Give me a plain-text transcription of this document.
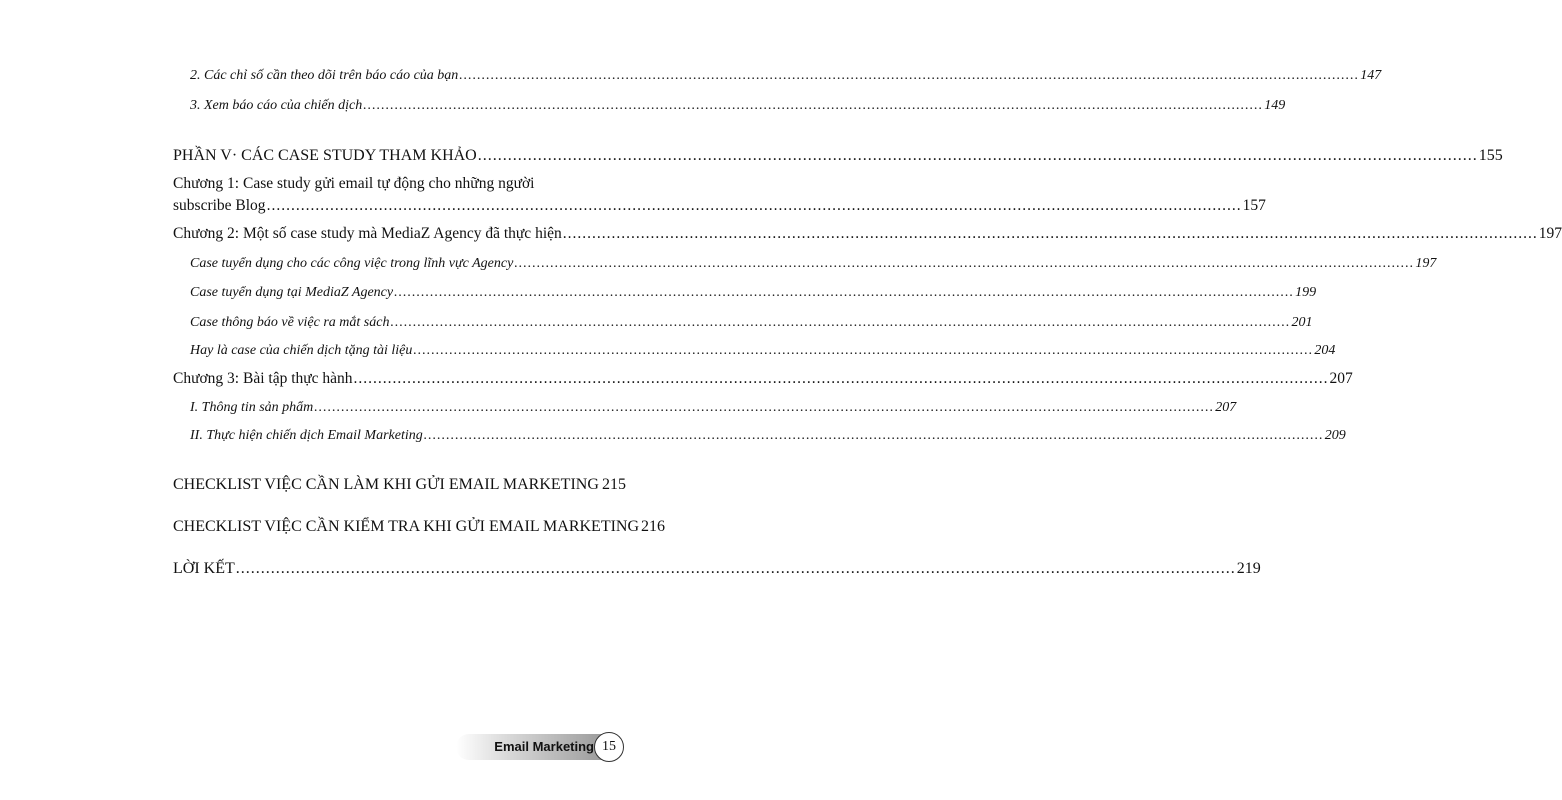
2. Các chỉ số cần theo dõi trên báo cáo của bạn ........................................................................................................................................................................................................ 147
3. Xem báo cáo của chiến dịch ........................................................................................................................................................................................................ 149
PHẦN V· CÁC CASE STUDY THAM KHẢO ........................................................................................................................................................................................................ 155
Chương 1: Case study gửi email tự động cho những người
subscribe Blog ........................................................................................................................................................................................................ 157
Chương 2: Một số case study mà MediaZ Agency đã thực hiện ........................................................................................................................................................................................................ 197
Case tuyển dụng cho các công việc trong lĩnh vực Agency ........................................................................................................................................................................................................ 197
Case tuyển dụng tại MediaZ Agency ........................................................................................................................................................................................................ 199
Case thông báo về việc ra mắt sách ........................................................................................................................................................................................................ 201
Hay là case của chiến dịch tặng tài liệu ........................................................................................................................................................................................................ 204
Chương 3: Bài tập thực hành ........................................................................................................................................................................................................ 207
I. Thông tin sản phẩm ........................................................................................................................................................................................................ 207
II. Thực hiện chiến dịch Email Marketing ........................................................................................................................................................................................................ 209
CHECKLIST VIỆC CẦN LÀM KHI GỬI EMAIL MARKETING 215
CHECKLIST VIỆC CẦN KIỂM TRA KHI GỬI EMAIL MARKETING 216
LỜI KẾT ........................................................................................................................................................................................................ 219
Email Marketing 15
